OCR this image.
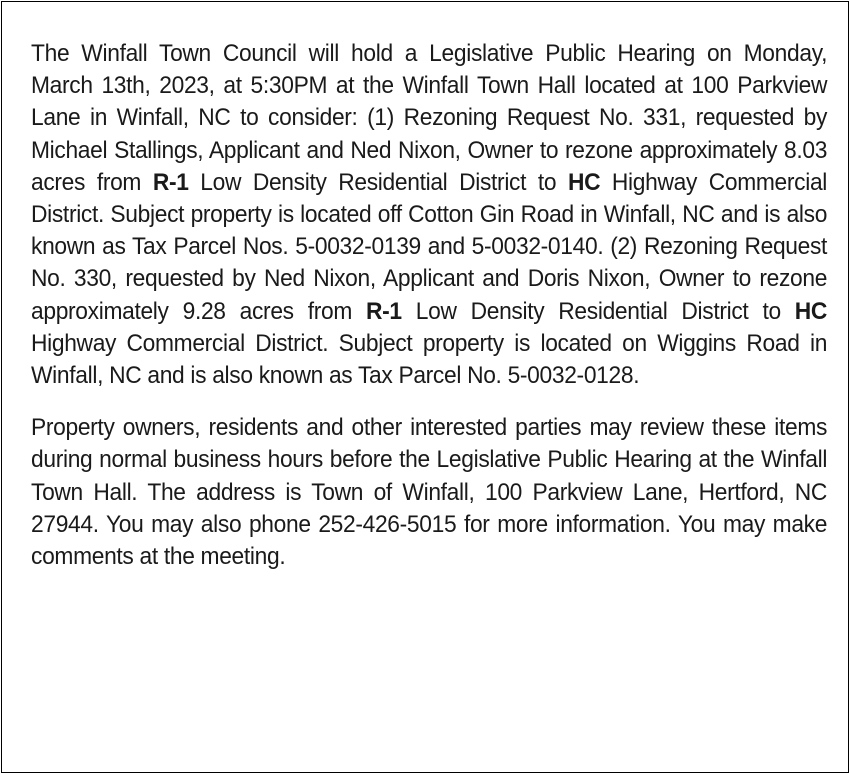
The Winfall Town Council will hold a Legislative Public Hearing on Monday, March 13th, 2023, at 5:30PM at the Winfall Town Hall located at 100 Parkview Lane in Winfall, NC to consider: (1) Rezoning Request No. 331, requested by Michael Stallings, Applicant and Ned Nixon, Owner to rezone approximately 8.03 acres from R-1 Low Density Residential District to HC Highway Commercial District. Subject property is located off Cotton Gin Road in Winfall, NC and is also known as Tax Parcel Nos. 5-0032-0139 and 5-0032-0140. (2) Rezoning Request No. 330, requested by Ned Nixon, Applicant and Doris Nixon, Owner to rezone approximately 9.28 acres from R-1 Low Density Residential District to HC Highway Commercial District. Subject property is located on Wiggins Road in Winfall, NC and is also known as Tax Parcel No. 5-0032-0128.

Property owners, residents and other interested parties may review these items during normal business hours before the Legislative Public Hearing at the Winfall Town Hall. The address is Town of Winfall, 100 Parkview Lane, Hertford, NC 27944. You may also phone 252-426-5015 for more information. You may make comments at the meeting.
